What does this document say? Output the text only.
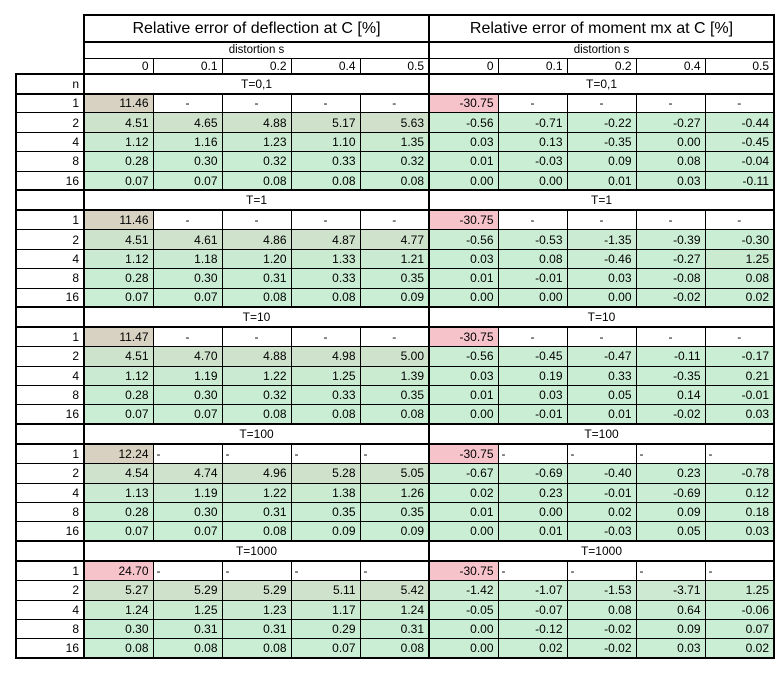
	Relative error of deflection at C [%]					Relative error of moment mx at C [%]				
	distortion s					distortion s				
	0	0.1	0.2	0.4	0.5	0	0.1	0.2	0.4	0.5
n	T=0,1					T=0,1				
1	11.46	-	-	-	-	-30.75	-	-	-	-
2	4.51	4.65	4.88	5.17	5.63	-0.56	-0.71	-0.22	-0.27	-0.44
4	1.12	1.16	1.23	1.10	1.35	0.03	0.13	-0.35	0.00	-0.45
8	0.28	0.30	0.32	0.33	0.32	0.01	-0.03	0.09	0.08	-0.04
16	0.07	0.07	0.08	0.08	0.08	0.00	0.00	0.01	0.03	-0.11
	T=1					T=1				
1	11.46	-	-	-	-	-30.75	-	-	-	-
2	4.51	4.61	4.86	4.87	4.77	-0.56	-0.53	-1.35	-0.39	-0.30
4	1.12	1.18	1.20	1.33	1.21	0.03	0.08	-0.46	-0.27	1.25
8	0.28	0.30	0.31	0.33	0.35	0.01	-0.01	0.03	-0.08	0.08
16	0.07	0.07	0.08	0.08	0.09	0.00	0.00	0.00	-0.02	0.02
	T=10					T=10				
1	11.47	-	-	-	-	-30.75	-	-	-	-
2	4.51	4.70	4.88	4.98	5.00	-0.56	-0.45	-0.47	-0.11	-0.17
4	1.12	1.19	1.22	1.25	1.39	0.03	0.19	0.33	-0.35	0.21
8	0.28	0.30	0.32	0.33	0.35	0.01	0.03	0.05	0.14	-0.01
16	0.07	0.07	0.08	0.08	0.08	0.00	-0.01	0.01	-0.02	0.03
	T=100					T=100				
1	12.24	-	-	-	-	-30.75	-	-	-	-
2	4.54	4.74	4.96	5.28	5.05	-0.67	-0.69	-0.40	0.23	-0.78
4	1.13	1.19	1.22	1.38	1.26	0.02	0.23	-0.01	-0.69	0.12
8	0.28	0.30	0.31	0.35	0.35	0.01	0.00	0.02	0.09	0.18
16	0.07	0.07	0.08	0.09	0.09	0.00	0.01	-0.03	0.05	0.03
	T=1000					T=1000				
1	24.70	-	-	-	-	-30.75	-	-	-	-
2	5.27	5.29	5.29	5.11	5.42	-1.42	-1.07	-1.53	-3.71	1.25
4	1.24	1.25	1.23	1.17	1.24	-0.05	-0.07	0.08	0.64	-0.06
8	0.30	0.31	0.31	0.29	0.31	0.00	-0.12	-0.02	0.09	0.07
16	0.08	0.08	0.08	0.07	0.08	0.00	0.02	-0.02	0.03	0.02
